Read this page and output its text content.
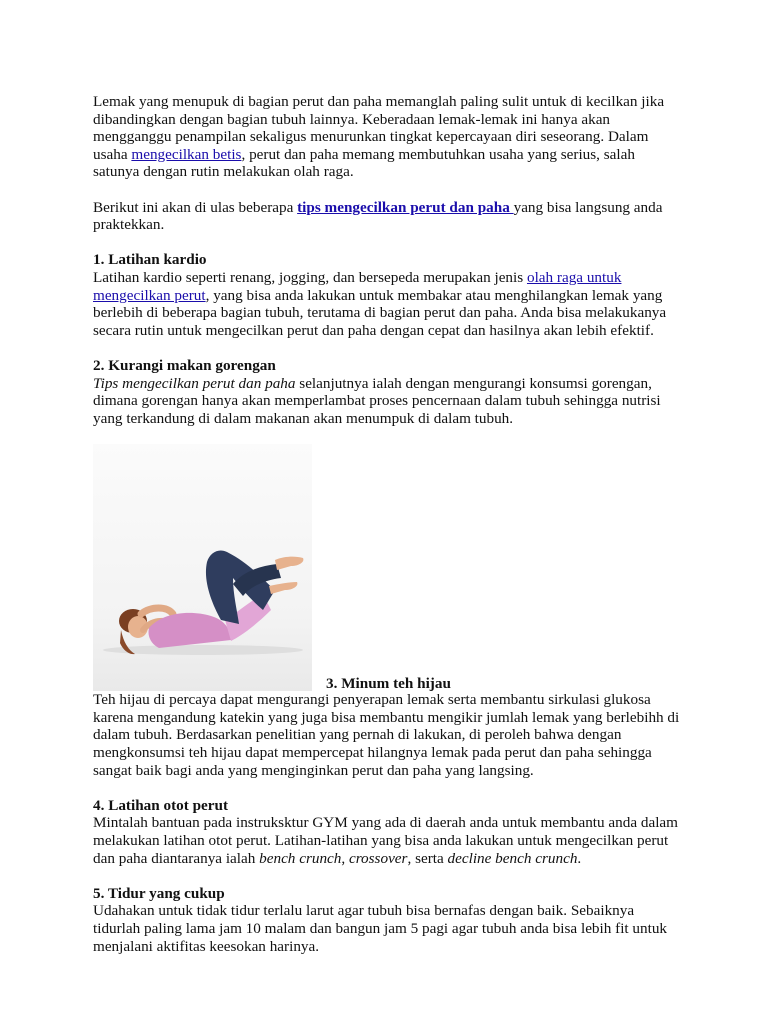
Lemak yang menupuk di bagian perut dan paha memanglah paling sulit untuk di kecilkan jika dibandingkan dengan bagian tubuh lainnya. Keberadaan lemak-lemak ini hanya akan mengganggu penampilan sekaligus menurunkan tingkat kepercayaan diri seseorang. Dalam usaha mengecilkan betis, perut dan paha memang membutuhkan usaha yang serius, salah satunya dengan rutin melakukan olah raga.

Berikut ini akan di ulas beberapa tips mengecilkan perut dan paha yang bisa langsung anda praktekkan.

1. Latihan kardio

Latihan kardio seperti renang, jogging, dan bersepeda merupakan jenis olah raga untuk mengecilkan perut, yang bisa anda lakukan untuk membakar atau menghilangkan lemak yang berlebih di beberapa bagian tubuh, terutama di bagian perut dan paha. Anda bisa melakukanya secara rutin untuk mengecilkan perut dan paha dengan cepat dan hasilnya akan lebih efektif.

2. Kurangi makan gorengan

Tips mengecilkan perut dan paha selanjutnya ialah dengan mengurangi konsumsi gorengan, dimana gorengan hanya akan memperlambat proses pencernaan dalam tubuh sehingga nutrisi yang terkandung di dalam makanan akan menumpuk di dalam tubuh.

3. Minum teh hijau

Teh hijau di percaya dapat mengurangi penyerapan lemak serta membantu sirkulasi glukosa karena mengandung katekin yang juga bisa membantu mengikir jumlah lemak yang berlebihh di dalam tubuh. Berdasarkan penelitian yang pernah di lakukan, di peroleh bahwa dengan mengkonsumsi teh hijau dapat mempercepat hilangnya lemak pada perut dan paha sehingga sangat baik bagi anda yang menginginkan perut dan paha yang langsing.

4. Latihan otot perut

Mintalah bantuan pada instruksktur GYM yang ada di daerah anda untuk membantu anda dalam melakukan latihan otot perut. Latihan-latihan yang bisa anda lakukan untuk mengecilkan perut dan paha diantaranya ialah bench crunch, crossover, serta decline bench crunch.

5. Tidur yang cukup

Udahakan untuk tidak tidur terlalu larut agar tubuh bisa bernafas dengan baik. Sebaiknya tidurlah paling lama jam 10 malam dan bangun jam 5 pagi agar tubuh anda bisa lebih fit untuk menjalani aktifitas keesokan harinya.
